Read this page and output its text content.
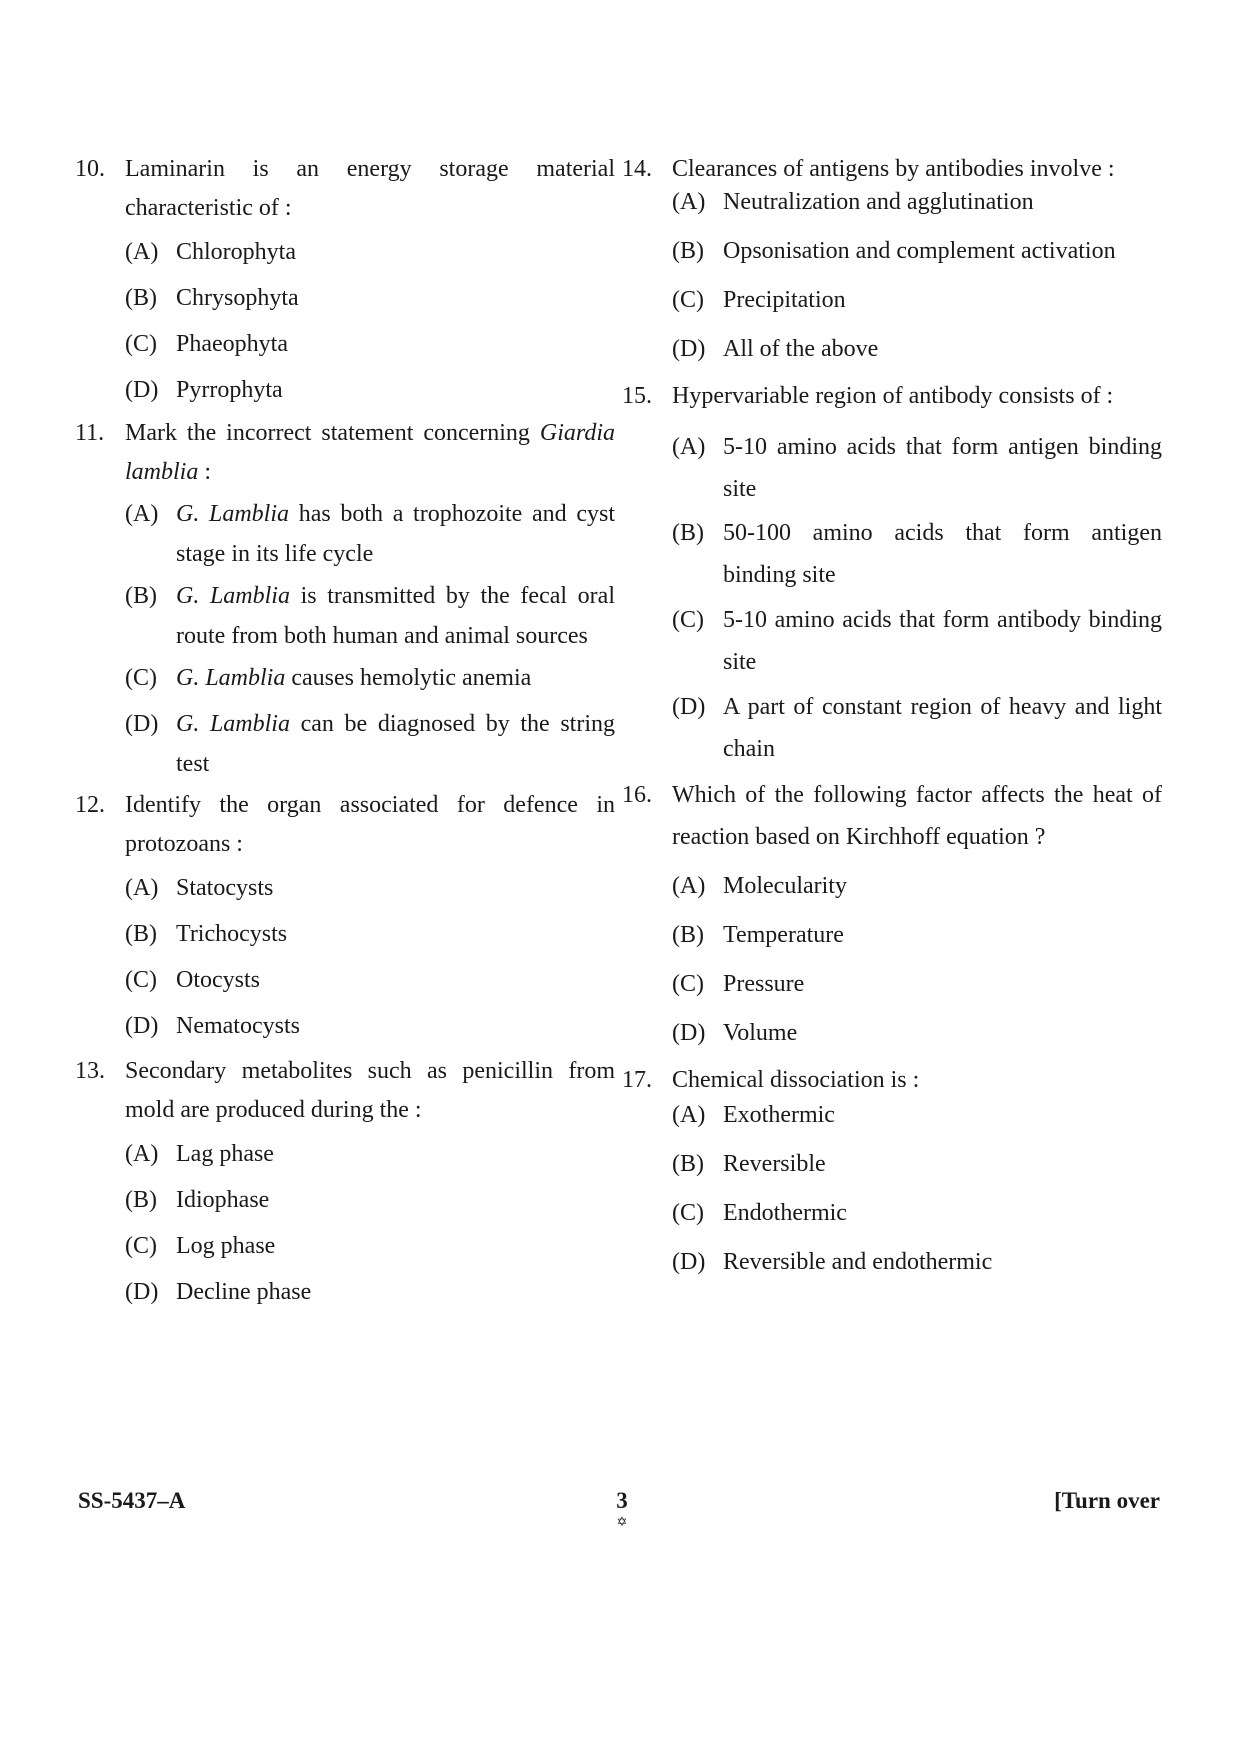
10. Laminarin is an energy storage material characteristic of :
(A) Chlorophyta
(B) Chrysophyta
(C) Phaeophyta
(D) Pyrrophyta
11. Mark the incorrect statement concerning Giardia lamblia :
(A) G. Lamblia has both a trophozoite and cyst stage in its life cycle
(B) G. Lamblia is transmitted by the fecal oral route from both human and animal sources
(C) G. Lamblia causes hemolytic anemia
(D) G. Lamblia can be diagnosed by the string test
12. Identify the organ associated for defence in protozoans :
(A) Statocysts
(B) Trichocysts
(C) Otocysts
(D) Nematocysts
13. Secondary metabolites such as penicillin from mold are produced during the :
(A) Lag phase
(B) Idiophase
(C) Log phase
(D) Decline phase
14. Clearances of antigens by antibodies involve :
(A) Neutralization and agglutination
(B) Opsonisation and complement activation
(C) Precipitation
(D) All of the above
15. Hypervariable region of antibody consists of :
(A) 5-10 amino acids that form antigen binding site
(B) 50-100 amino acids that form antigen binding site
(C) 5-10 amino acids that form antibody binding site
(D) A part of constant region of heavy and light chain
16. Which of the following factor affects the heat of reaction based on Kirchhoff equation ?
(A) Molecularity
(B) Temperature
(C) Pressure
(D) Volume
17. Chemical dissociation is :
(A) Exothermic
(B) Reversible
(C) Endothermic
(D) Reversible and endothermic
SS-5437–A	3
✡
[Turn over
